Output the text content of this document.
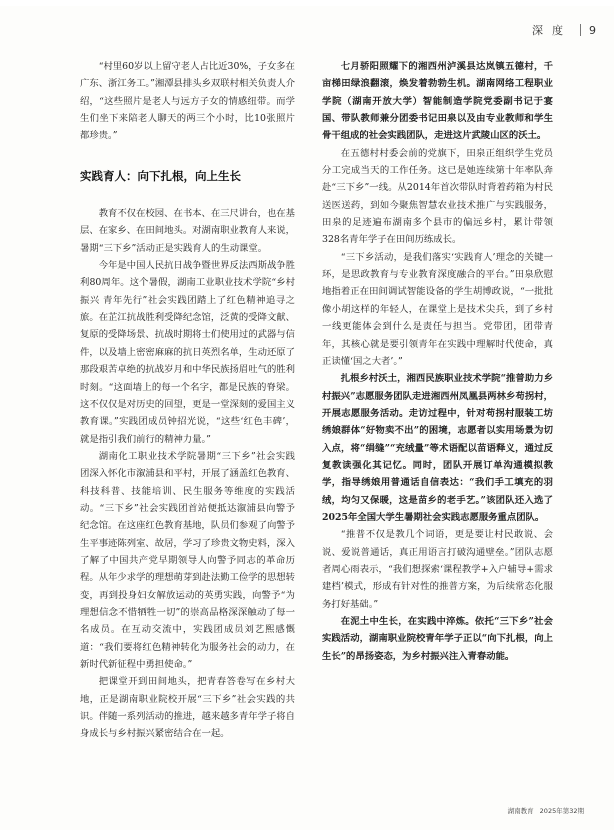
深度 9

“村里60岁以上留守老人占比近30%，子女多在广东、浙江务工。”湘潭县排头乡双联村相关负责人介绍，“这些照片是老人与远方子女的情感纽带。而学生们坐下来陪老人聊天的两三个小时，比10张照片都珍贵。”

实践育人：向下扎根，向上生长

教育不仅在校园、在书本、在三尺讲台，也在基层、在家乡、在田间地头。对湖南职业教育人来说，暑期“三下乡”活动正是实践育人的生动课堂。

今年是中国人民抗日战争暨世界反法西斯战争胜利80周年。这个暑假，湖南工业职业技术学院“乡村振兴 青年先行”社会实践团踏上了红色精神追寻之旅。在芷江抗战胜利受降纪念馆，泛黄的受降文献、复原的受降场景、抗战时期将士们使用过的武器与信件，以及墙上密密麻麻的抗日英烈名单，生动还原了那段艰苦卓绝的抗战岁月和中华民族扬眉吐气的胜利时刻。“这面墙上的每一个名字，都是民族的脊梁。这不仅仅是对历史的回望，更是一堂深刻的爱国主义教育课。”实践团成员钟招光说，“这些‘红色丰碑’，就是指引我们前行的精神力量。”

湖南化工职业技术学院暑期“三下乡”社会实践团深入怀化市溆浦县和平村，开展了涵盖红色教育、科技科普、技能培训、民生服务等维度的实践活动。“三下乡”社会实践团首站便抵达溆浦县向警予纪念馆。在这座红色教育基地，队员们参观了向警予生平事迹陈列室、故居，学习了珍贵文物史料，深入了解了中国共产党早期领导人向警予同志的革命历程。从年少求学的理想萌芽到赴法勤工俭学的思想转变，再到投身妇女解放运动的英勇实践，向警予“为理想信念不惜牺牲一切”的崇高品格深深触动了每一名成员。在互动交流中，实践团成员刘艺熙感慨道：“我们要将红色精神转化为服务社会的动力，在新时代新征程中勇担使命。”

把课堂开到田间地头，把青春答卷写在乡村大地，正是湖南职业院校开展“三下乡”社会实践的共识。伴随一系列活动的推进，越来越多青年学子将自身成长与乡村振兴紧密结合在一起。

七月骄阳照耀下的湘西州泸溪县达岚镇五德村，千亩梯田绿浪翻滚，焕发着勃勃生机。湖南网络工程职业学院（湖南开放大学）智能制造学院党委副书记于宴国、带队教师兼分团委书记田泉以及由专业教师和学生骨干组成的社会实践团队，走进这片武陵山区的沃土。

在五德村村委会前的党旗下，田泉正组织学生党员分工完成当天的工作任务。这已是她连续第十年率队奔赴“三下乡”一线。从2014年首次带队时背着药箱为村民送医送药，到如今聚焦智慧农业技术推广与实践服务，田泉的足迹遍布湖南多个县市的偏远乡村，累计带领328名青年学子在田间历练成长。

“三下乡活动，是我们落实‘实践育人’理念的关键一环，是思政教育与专业教育深度融合的平台。”田泉欣慰地指着正在田间调试智能设备的学生胡博政说，“一批批像小胡这样的年轻人，在课堂上是技术尖兵，到了乡村一线更能体会到什么是责任与担当。党带团，团带青年，其核心就是要引领青年在实践中理解时代使命，真正读懂‘国之大者’。”

扎根乡村沃土，湘西民族职业技术学院“推普助力乡村振兴”志愿服务团队走进湘西州凤凰县两林乡苟拐村，开展志愿服务活动。走访过程中，针对苟拐村服装工坊绣娘群体“好物卖不出”的困境，志愿者以实用场景为切入点，将“绢缝”“充绒量”等术语配以苗语释义，通过反复教读强化其记忆。同时，团队开展订单沟通模拟教学，指导绣娘用普通话自信表达：“我们手工填充的羽绒，均匀又保暖，这是苗乡的老手艺。”该团队还入选了2025年全国大学生暑期社会实践志愿服务重点团队。

“推普不仅是教几个词语，更是要让村民敢说、会说、爱说普通话，真正用语言打破沟通壁垒。”团队志愿者周心雨表示，“我们想探索‘课程教学+入户辅导+需求建档’模式，形成有针对性的推普方案，为后续常态化服务打好基础。”

在泥土中生长，在实践中淬炼。依托“三下乡”社会实践活动，湖南职业院校青年学子正以“向下扎根，向上生长”的昂扬姿态，为乡村振兴注入青春动能。

湖南教育 2025年第32期
